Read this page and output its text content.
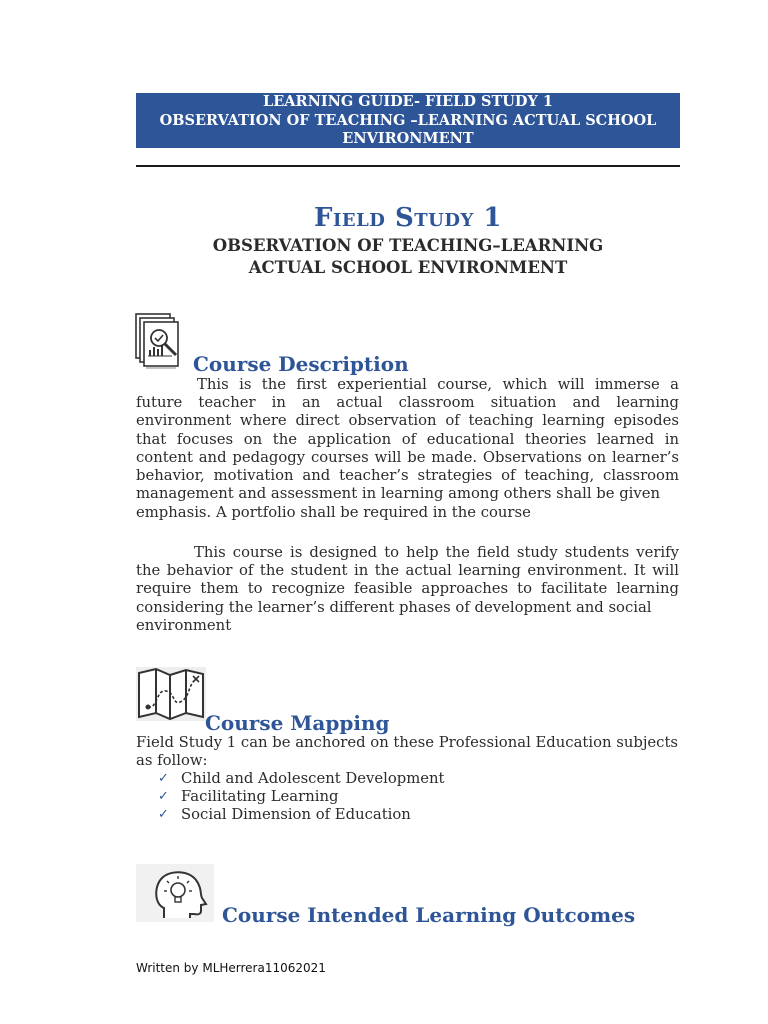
LEARNING GUIDE- FIELD STUDY 1
OBSERVATION OF TEACHING –LEARNING ACTUAL SCHOOL
ENVIRONMENT
Field Study 1
OBSERVATION OF TEACHING–LEARNING
ACTUAL SCHOOL ENVIRONMENT
Course Description
This is the first experiential course, which will immerse a future teacher in an actual classroom situation and learning environment where direct observation of teaching learning episodes that focuses on the application of educational theories learned in content and pedagogy courses will be made. Observations on learner’s behavior, motivation and teacher’s strategies of teaching, classroom management and assessment in learning among others shall be given
emphasis. A portfolio shall be required in the course
This course is designed to help the field study students verify the behavior of the student in the actual learning environment. It will require them to recognize feasible approaches to facilitate learning considering the learner’s different phases of development and social
environment
Course Mapping
Field Study 1 can be anchored on these Professional Education subjects as follow:
✓ Child and Adolescent Development
✓ Facilitating Learning
✓ Social Dimension of Education
Course Intended Learning Outcomes
Written by MLHerrera11062021
